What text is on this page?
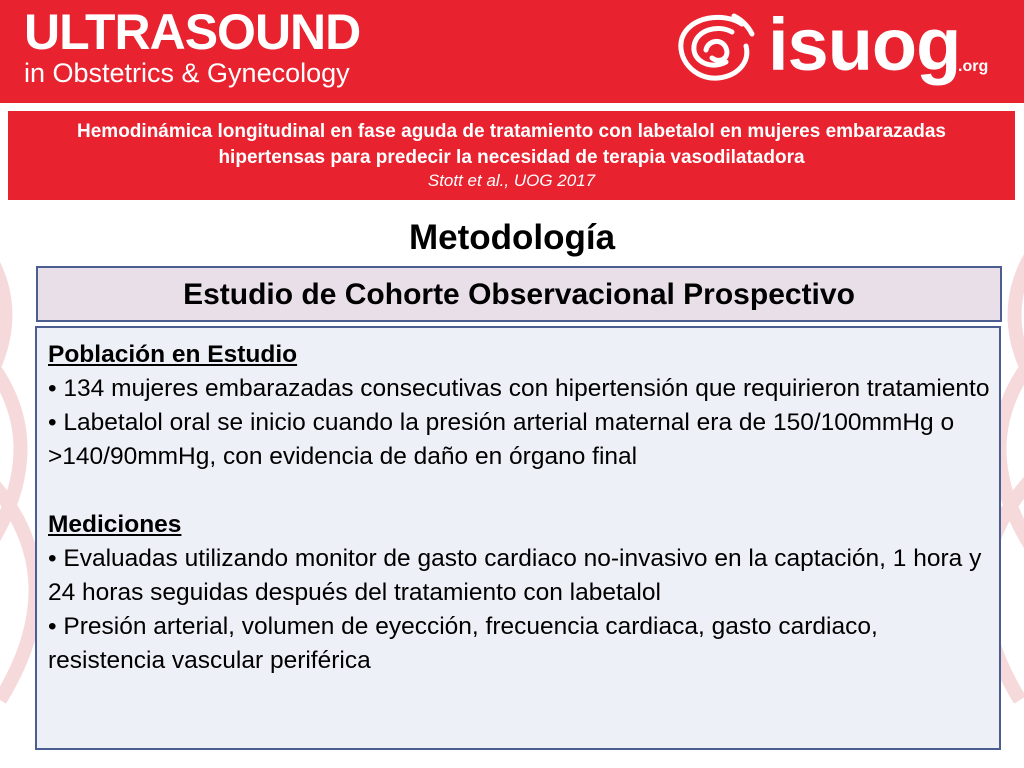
ULTRASOUND
in Obstetrics & Gynecology	isuog
.org
Hemodinámica longitudinal en fase aguda de tratamiento con labetalol en mujeres embarazadas hipertensas para predecir la necesidad de terapia vasodilatadora
Stott et al., UOG 2017
Metodología
Estudio de Cohorte Observacional Prospectivo
Población en Estudio
• 134 mujeres embarazadas consecutivas con hipertensión que requirieron tratamiento
• Labetalol oral se inicio cuando la presión arterial maternal era de 150/100mmHg o >140/90mmHg, con evidencia de daño en órgano final
Mediciones
• Evaluadas utilizando monitor de gasto cardiaco no-invasivo en la captación, 1 hora y 24 horas seguidas después del tratamiento con labetalol
• Presión arterial, volumen de eyección, frecuencia cardiaca, gasto cardiaco, resistencia vascular periférica
